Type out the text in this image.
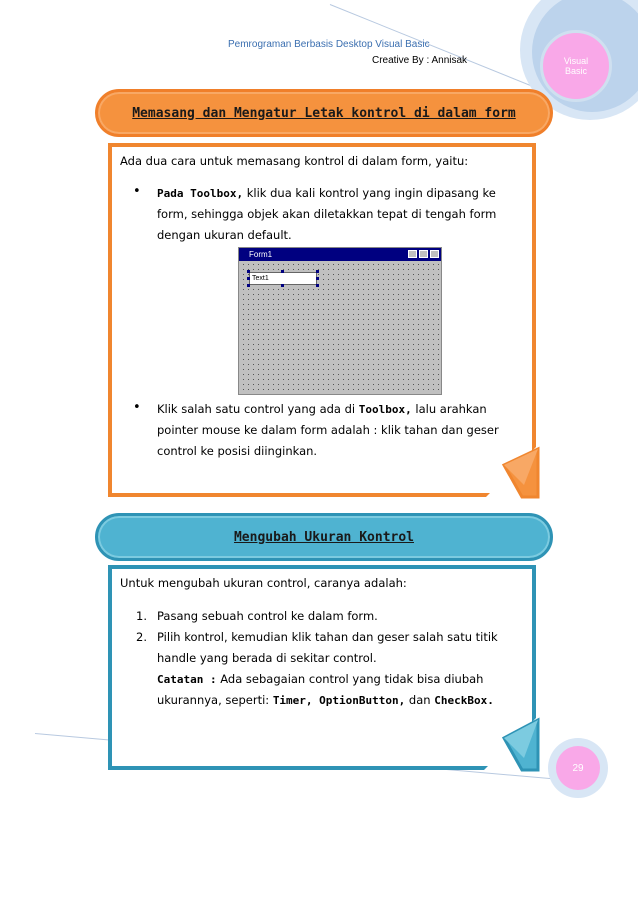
Pemrograman Berbasis Desktop Visual Basic
Creative By : Annisak	Visual
Basic
Memasang dan Mengatur Letak kontrol di dalam form
Ada dua cara untuk memasang kontrol di dalam form, yaitu:
• Pada Toolbox, klik dua kali kontrol yang ingin dipasang ke
form, sehingga objek akan diletakkan tepat di tengah form
dengan ukuran default.
Form1
Text1
• Klik salah satu control yang ada di Toolbox, lalu arahkan
pointer mouse ke dalam form adalah : klik tahan dan geser
control ke posisi diinginkan.
Mengubah Ukuran Kontrol
Untuk mengubah ukuran control, caranya adalah:
1. Pasang sebuah control ke dalam form.
2. Pilih kontrol, kemudian klik tahan dan geser salah satu titik
handle yang berada di sekitar control.
Catatan : Ada sebagaian control yang tidak bisa diubah
ukurannya, seperti: Timer, OptionButton, dan CheckBox.
29
